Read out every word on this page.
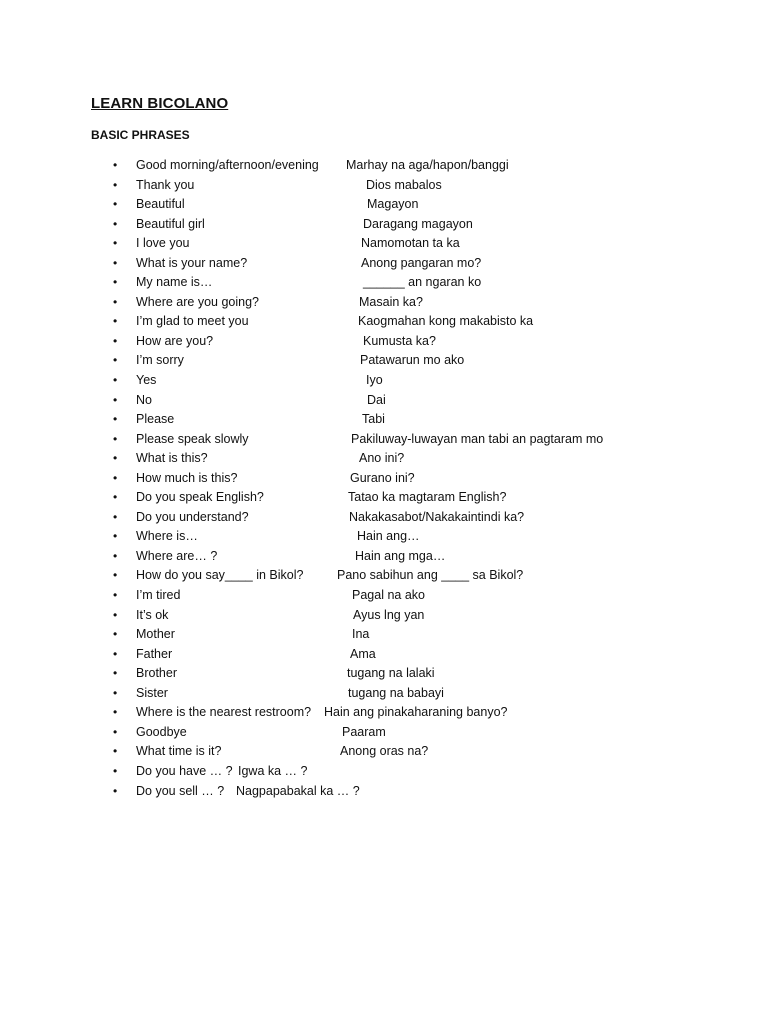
LEARN BICOLANO
BASIC PHRASES
• Good morning/afternoon/evening Marhay na aga/hapon/banggi
• Thank you	Dios mabalos
• Beautiful	Magayon
• Beautiful girl	Daragang magayon
• I love you	Namomotan ta ka
• What is your name?	Anong pangaran mo?
• My name is…	______ an ngaran ko
• Where are you going?	Masain ka?
• I’m glad to meet you	Kaogmahan kong makabisto ka
• How are you?	Kumusta ka?
• I’m sorry	Patawarun mo ako
• Yes	Iyo
• No	Dai
• Please	Tabi
• Please speak slowly	Pakiluway-luwayan man tabi an pagtaram mo
• What is this?	Ano ini?
• How much is this?	Gurano ini?
• Do you speak English?	Tatao ka magtaram English?
• Do you understand?	Nakakasabot/Nakakaintindi ka?
• Where is…	Hain ang…
• Where are… ?	Hain ang mga…
• How do you say____ in Bikol?	Pano sabihun ang ____ sa Bikol?
• I’m tired	Pagal na ako
• It’s ok	Ayus lng yan
• Mother	Ina
• Father	Ama
• Brother	tugang na lalaki
• Sister	tugang na babayi
• Where is the nearest restroom? Hain ang pinakaharaning banyo?
• Goodbye	Paaram
• What time is it?	Anong oras na?
• Do you have … ? Igwa ka … ?
• Do you sell … ? Nagpapabakal ka … ?
